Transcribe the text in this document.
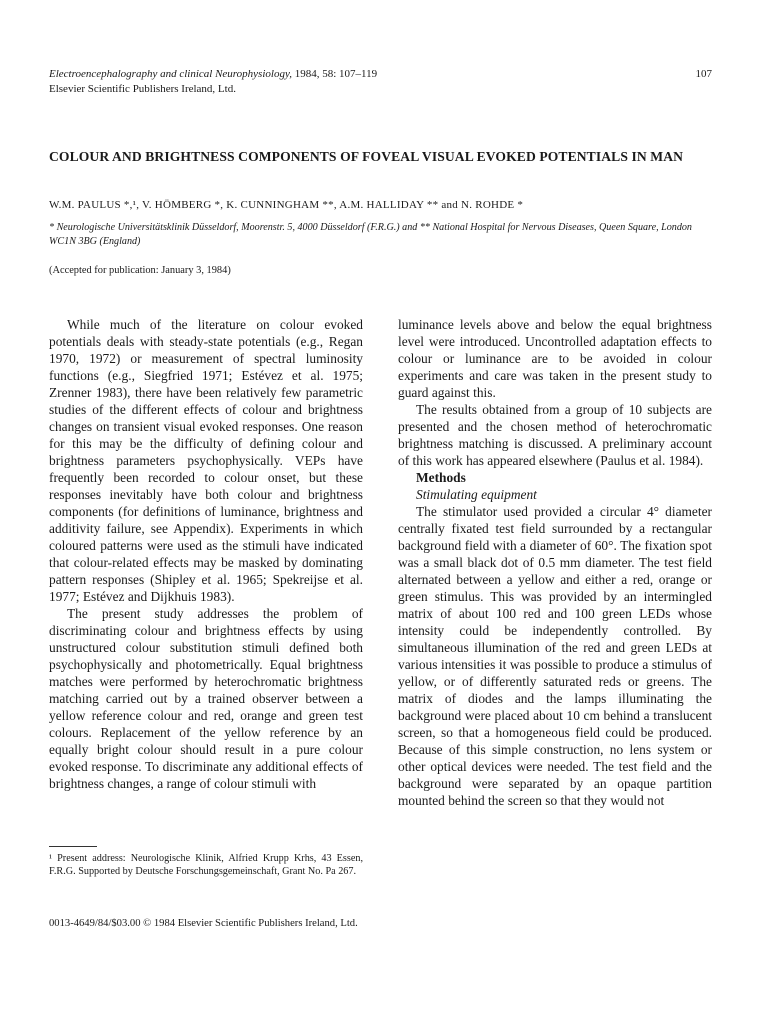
Electroencephalography and clinical Neurophysiology, 1984, 58: 107–119
Elsevier Scientific Publishers Ireland, Ltd.
107
COLOUR AND BRIGHTNESS COMPONENTS OF FOVEAL VISUAL EVOKED POTENTIALS IN MAN
W.M. PAULUS *,¹, V. HÖMBERG *, K. CUNNINGHAM **, A.M. HALLIDAY ** and N. ROHDE *
* Neurologische Universitätsklinik Düsseldorf, Moorenstr. 5, 4000 Düsseldorf (F.R.G.) and ** National Hospital for Nervous Diseases, Queen Square, London WC1N 3BG (England)
(Accepted for publication: January 3, 1984)

While much of the literature on colour evoked potentials deals with steady-state potentials (e.g., Regan 1970, 1972) or measurement of spectral luminosity functions (e.g., Siegfried 1971; Estévez et al. 1975; Zrenner 1983), there have been relatively few parametric studies of the different effects of colour and brightness changes on transient visual evoked responses. One reason for this may be the difficulty of defining colour and brightness parameters psychophysically. VEPs have frequently been recorded to colour onset, but these responses inevitably have both colour and brightness components (for definitions of luminance, brightness and additivity failure, see Appendix). Experiments in which coloured patterns were used as the stimuli have indicated that colour-related effects may be masked by dominating pattern responses (Shipley et al. 1965; Spekreijse et al. 1977; Estévez and Dijkhuis 1983).

The present study addresses the problem of discriminating colour and brightness effects by using unstructured colour substitution stimuli defined both psychophysically and photometrically. Equal brightness matches were performed by heterochromatic brightness matching carried out by a trained observer between a yellow reference colour and red, orange and green test colours. Replacement of the yellow reference by an equally bright colour should result in a pure colour evoked response. To discriminate any additional effects of brightness changes, a range of colour stimuli with

luminance levels above and below the equal brightness level were introduced. Uncontrolled adaptation effects to colour or luminance are to be avoided in colour experiments and care was taken in the present study to guard against this.

The results obtained from a group of 10 subjects are presented and the chosen method of heterochromatic brightness matching is discussed. A preliminary account of this work has appeared elsewhere (Paulus et al. 1984).

Methods

Stimulating equipment

The stimulator used provided a circular 4° diameter centrally fixated test field surrounded by a rectangular background field with a diameter of 60°. The fixation spot was a small black dot of 0.5 mm diameter. The test field alternated between a yellow and either a red, orange or green stimulus. This was provided by an intermingled matrix of about 100 red and 100 green LEDs whose intensity could be independently controlled. By simultaneous illumination of the red and green LEDs at various intensities it was possible to produce a stimulus of yellow, or of differently saturated reds or greens. The matrix of diodes and the lamps illuminating the background were placed about 10 cm behind a translucent screen, so that a homogeneous field could be produced. Because of this simple construction, no lens system or other optical devices were needed. The test field and the background were separated by an opaque partition mounted behind the screen so that they would not

¹ Present address: Neurologische Klinik, Alfried Krupp Krhs, 43 Essen, F.R.G. Supported by Deutsche Forschungsgemeinschaft, Grant No. Pa 267.
0013-4649/84/$03.00 © 1984 Elsevier Scientific Publishers Ireland, Ltd.
